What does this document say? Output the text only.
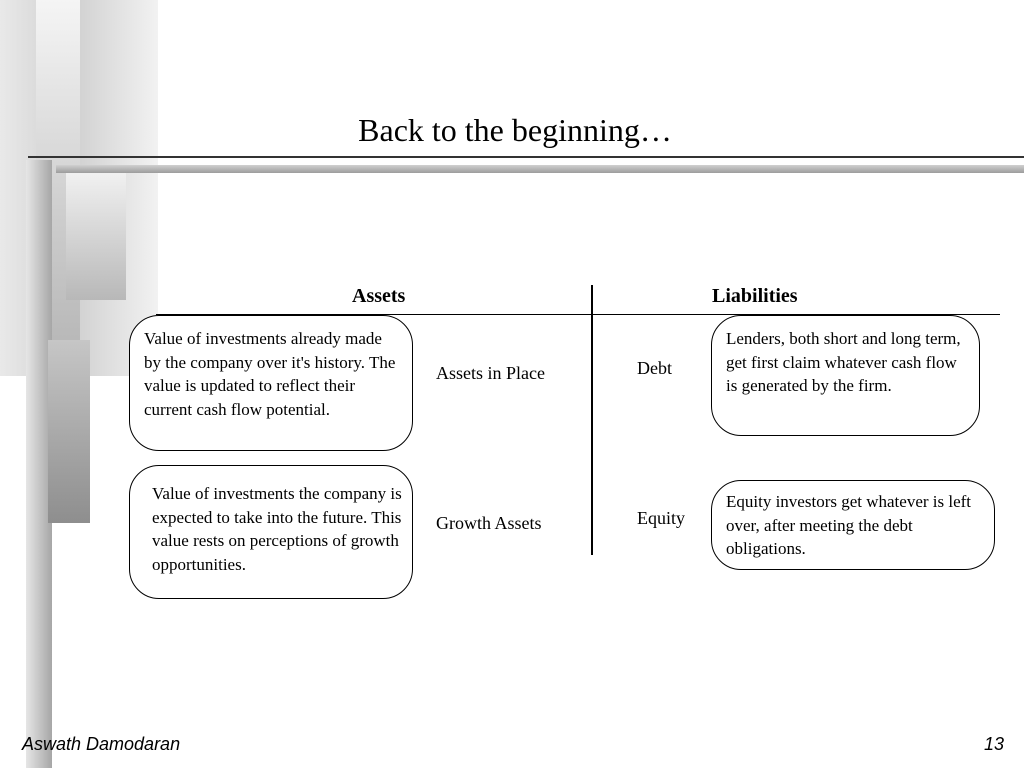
Back to the beginning…
Assets	Liabilities
Value of investments already made by the company over it's history. The value is updated to reflect their current cash flow potential.
Assets in Place
Value of investments the company is expected to take into the future. This value rests on perceptions of growth opportunities.
Growth Assets
Debt
Lenders, both short and long term, get first claim whatever cash flow is generated by the firm.
Equity
Equity investors get whatever is left over, after meeting the debt obligations.
Aswath Damodaran	13
